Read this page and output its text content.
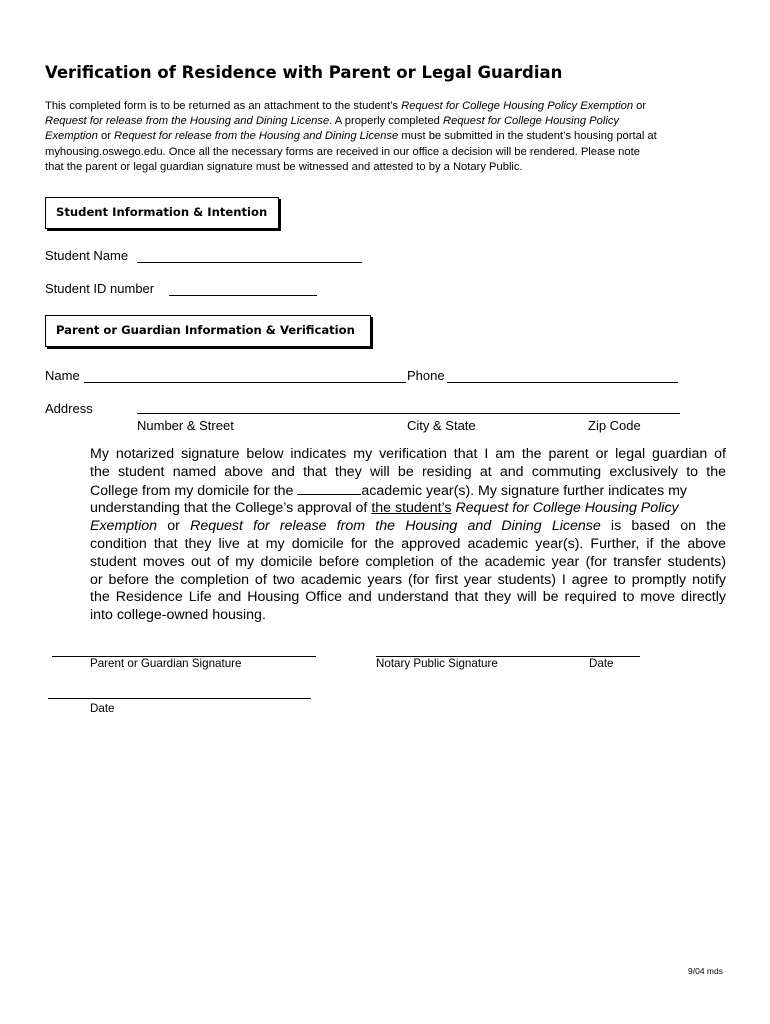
Verification of Residence with Parent or Legal Guardian
This completed form is to be returned as an attachment to the student’s Request for College Housing Policy Exemption or
Request for release from the Housing and Dining License. A properly completed Request for College Housing Policy
Exemption or Request for release from the Housing and Dining License must be submitted in the student’s housing portal at
myhousing.oswego.edu. Once all the necessary forms are received in our office a decision will be rendered. Please note
that the parent or legal guardian signature must be witnessed and attested to by a Notary Public.
Student Information & Intention
Student Name
Student ID number
Parent or Guardian Information & Verification
Name	Phone
Address
Number & Street	City & State	Zip Code
My notarized signature below indicates my verification that I am the parent or legal guardian of
the student named above and that they will be residing at and commuting exclusively to the
College from my domicile for the	academic year(s). My signature further indicates my
understanding that the College’s approval of the student’s Request for College Housing Policy
Exemption or Request for release from the Housing and Dining License is based on the
condition that they live at my domicile for the approved academic year(s). Further, if the above
student moves out of my domicile before completion of the academic year (for transfer students)
or before the completion of two academic years (for first year students) I agree to promptly notify
the Residence Life and Housing Office and understand that they will be required to move directly
into college-owned housing.
Parent or Guardian Signature	Notary Public Signature	Date
Date
9/04 mds
